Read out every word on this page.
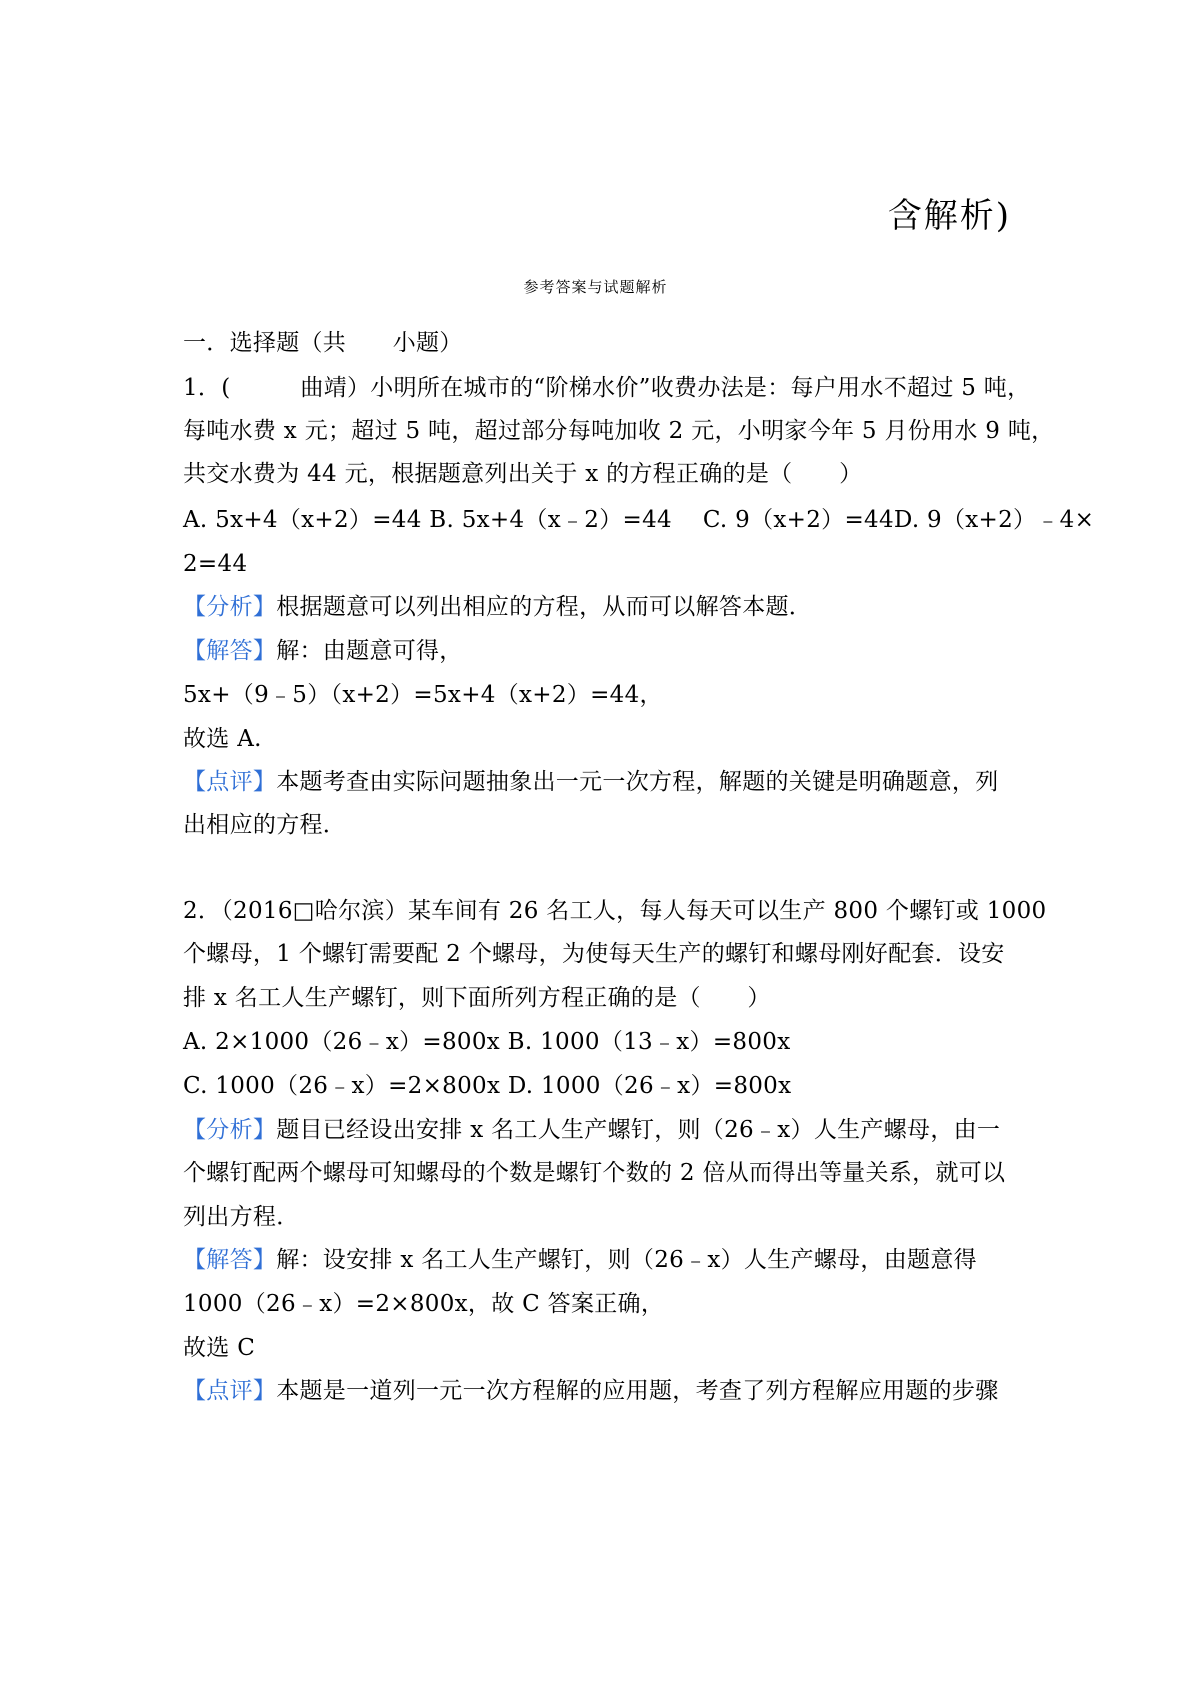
含解析)
参考答案与试题解析
一．选择题（共　　小题）
1．(　　　曲靖）小明所在城市的“阶梯水价”收费办法是：每户用水不超过 5 吨，
每吨水费 x 元；超过 5 吨，超过部分每吨加收 2 元，小明家今年 5 月份用水 9 吨，
共交水费为 44 元，根据题意列出关于 x 的方程正确的是（　　）
A. 5x+4（x+2）=44 B. 5x+4（x﹣2）=44　 C. 9（x+2）=44D. 9（x+2）﹣4×
2=44
【分析】根据题意可以列出相应的方程，从而可以解答本题．
【解答】解：由题意可得，
5x+（9﹣5）（x+2）=5x+4（x+2）=44，
故选 A.
【点评】本题考查由实际问题抽象出一元一次方程，解题的关键是明确题意，列
出相应的方程．
2．（2016□哈尔滨）某车间有 26 名工人，每人每天可以生产 800 个螺钉或 1000
个螺母，1 个螺钉需要配 2 个螺母，为使每天生产的螺钉和螺母刚好配套．设安
排 x 名工人生产螺钉，则下面所列方程正确的是（　　）
A. 2×1000（26﹣x）=800x B. 1000（13﹣x）=800x
C. 1000（26﹣x）=2×800x D. 1000（26﹣x）=800x
【分析】题目已经设出安排 x 名工人生产螺钉，则（26﹣x）人生产螺母，由一
个螺钉配两个螺母可知螺母的个数是螺钉个数的 2 倍从而得出等量关系，就可以
列出方程．
【解答】解：设安排 x 名工人生产螺钉，则（26﹣x）人生产螺母，由题意得
1000（26﹣x）=2×800x，故 C 答案正确，
故选 C
【点评】本题是一道列一元一次方程解的应用题，考查了列方程解应用题的步骤
